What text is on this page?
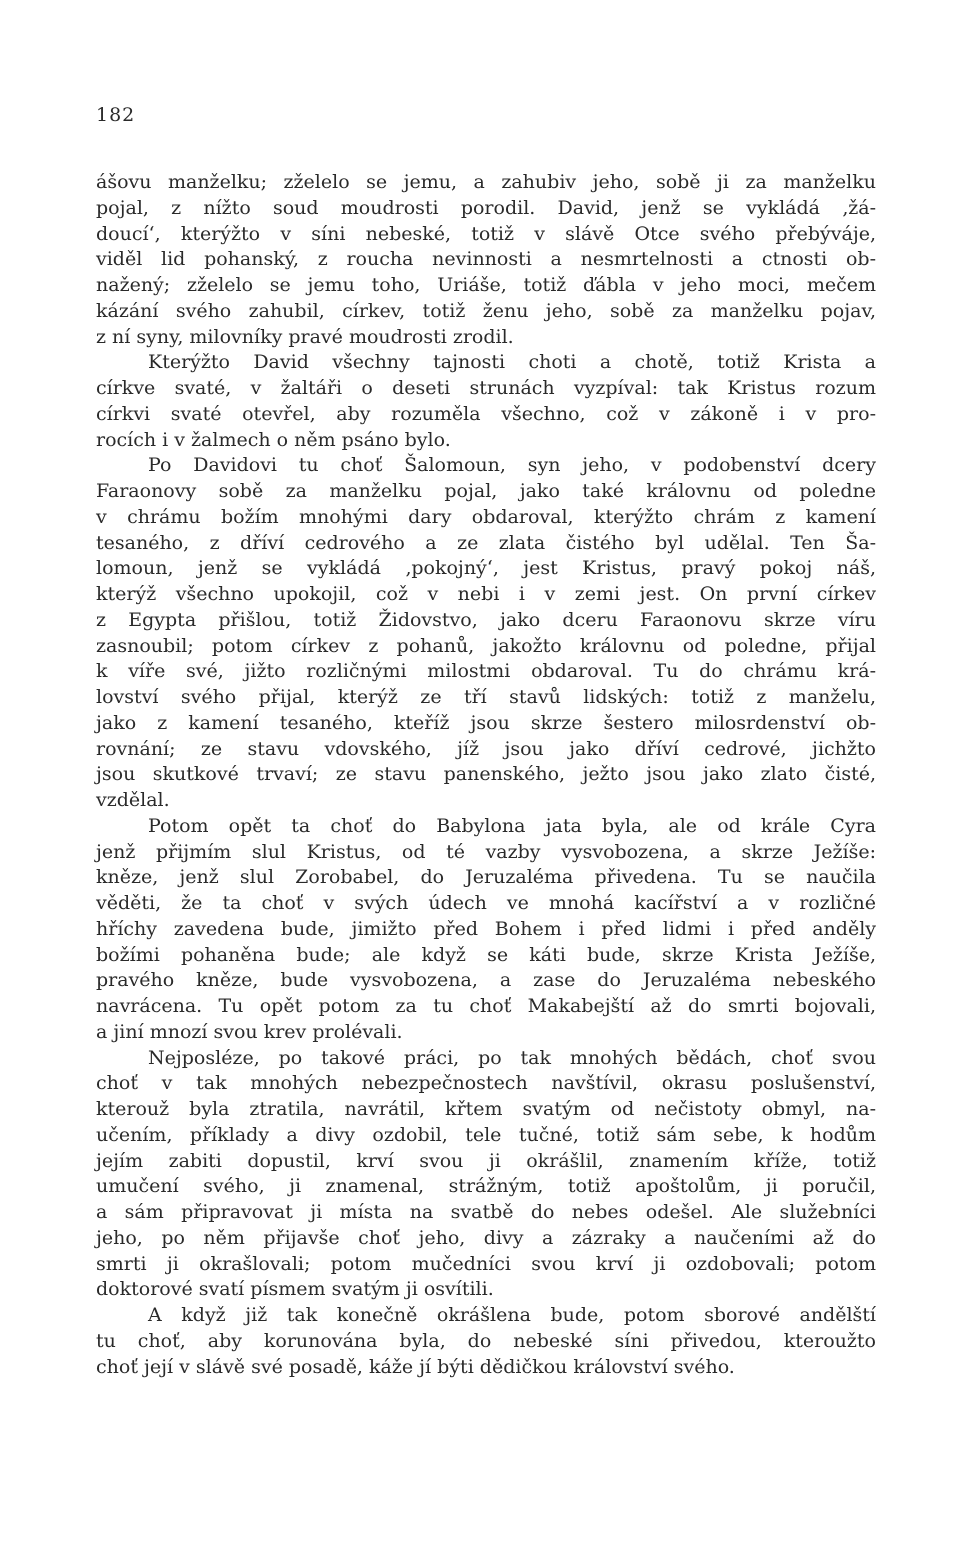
182
ášovu manželku; zželelo se jemu, a zahubiv jeho, sobě ji za manželku
pojal, z nížto soud moudrosti porodil. David, jenž se vykládá ‚žá-
doucí‘, kterýžto v síni nebeské, totiž v slávě Otce svého přebýváje,
viděl lid pohanský, z roucha nevinnosti a nesmrtelnosti a ctnosti ob-
nažený; zželelo se jemu toho, Uriáše, totiž ďábla v jeho moci, mečem
kázání svého zahubil, církev, totiž ženu jeho, sobě za manželku pojav,
z ní syny, milovníky pravé moudrosti zrodil.
Kterýžto David všechny tajnosti choti a chotě, totiž Krista a
církve svaté, v žaltáři o deseti strunách vyzpíval: tak Kristus rozum
církvi svaté otevřel, aby rozuměla všechno, což v zákoně i v pro-
rocích i v žalmech o něm psáno bylo.
Po Davidovi tu choť Šalomoun, syn jeho, v podobenství dcery
Faraonovy sobě za manželku pojal, jako také královnu od poledne
v chrámu božím mnohými dary obdaroval, kterýžto chrám z kamení
tesaného, z dříví cedrového a ze zlata čistého byl udělal. Ten Ša-
lomoun, jenž se vykládá ‚pokojný‘, jest Kristus, pravý pokoj náš,
kterýž všechno upokojil, což v nebi i v zemi jest. On první církev
z Egypta přišlou, totiž Židovstvo, jako dceru Faraonovu skrze víru
zasnoubil; potom církev z pohanů, jakožto královnu od poledne, přijal
k víře své, jižto rozličnými milostmi obdaroval. Tu do chrámu krá-
lovství svého přijal, kterýž ze tří stavů lidských: totiž z manželu,
jako z kamení tesaného, kteříž jsou skrze šestero milosrdenství ob-
rovnání; ze stavu vdovského, jíž jsou jako dříví cedrové, jichžto
jsou skutkové trvaví; ze stavu panenského, ježto jsou jako zlato čisté,
vzdělal.
Potom opět ta choť do Babylona jata byla, ale od krále Cyra
jenž přijmím slul Kristus, od té vazby vysvobozena, a skrze Ježíše:
kněze, jenž slul Zorobabel, do Jeruzaléma přivedena. Tu se naučila
věděti, že ta choť v svých údech ve mnohá kacířství a v rozličné
hříchy zavedena bude, jimižto před Bohem i před lidmi i před anděly
božími pohaněna bude; ale když se káti bude, skrze Krista Ježíše,
pravého kněze, bude vysvobozena, a zase do Jeruzaléma nebeského
navrácena. Tu opět potom za tu choť Makabejští až do smrti bojovali,
a jiní mnozí svou krev prolévali.
Nejposléze, po takové práci, po tak mnohých bědách, choť svou
choť v tak mnohých nebezpečnostech navštívil, okrasu poslušenství,
kterouž byla ztratila, navrátil, křtem svatým od nečistoty obmyl, na-
učením, příklady a divy ozdobil, tele tučné, totiž sám sebe, k hodům
jejím zabiti dopustil, krví svou ji okrášlil, znamením kříže, totiž
umučení svého, ji znamenal, strážným, totiž apoštolům, ji poručil,
a sám připravovat ji místa na svatbě do nebes odešel. Ale služebníci
jeho, po něm přijavše choť jeho, divy a zázraky a naučeními až do
smrti ji okrašlovali; potom mučedníci svou krví ji ozdobovali; potom
doktorové svatí písmem svatým ji osvítili.
A když již tak konečně okrášlena bude, potom sborové andělští
tu choť, aby korunována byla, do nebeské síni přivedou, kteroužto
choť její v slávě své posadě, káže jí býti dědičkou království svého.
